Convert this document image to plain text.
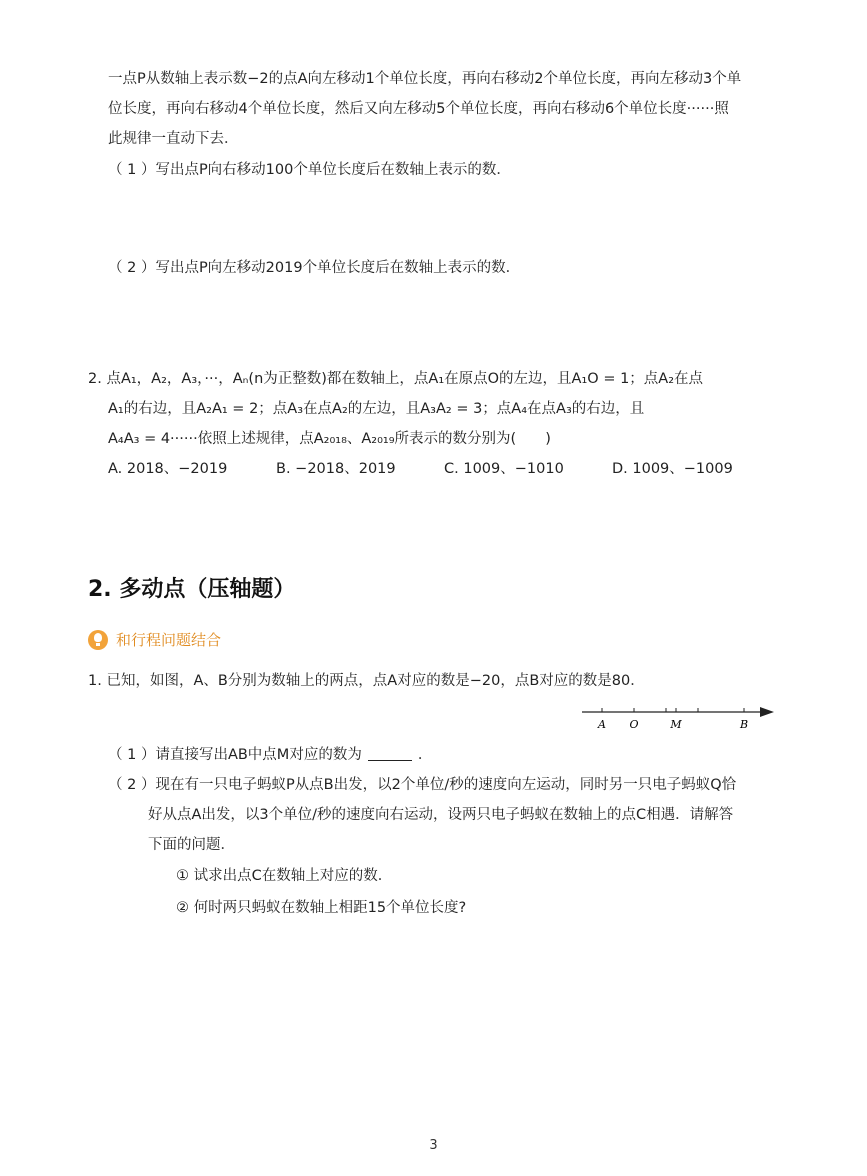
一点P从数轴上表示数−2的点A向左移动1个单位长度，再向右移动2个单位长度，再向左移动3个单
位长度，再向右移动4个单位长度，然后又向左移动5个单位长度，再向右移动6个单位长度······照
此规律一直动下去．
（ 1 ）写出点P向右移动100个单位长度后在数轴上表示的数．
（ 2 ）写出点P向左移动2019个单位长度后在数轴上表示的数．
2. 点A₁，A₂，A₃，···，Aₙ(n为正整数)都在数轴上，点A₁在原点O的左边，且A₁O = 1；点A₂在点
A₁的右边，且A₂A₁ = 2；点A₃在点A₂的左边，且A₃A₂ = 3；点A₄在点A₃的右边，且
A₄A₃ = 4······依照上述规律，点A₂₀₁₈、A₂₀₁₉所表示的数分别为(　　)
A. 2018、−2019	B. −2018、2019	C. 1009、−1010	D. 1009、−1009
2. 多动点（压轴题）
和行程问题结合
1. 已知，如图，A、B分别为数轴上的两点，点A对应的数是−20，点B对应的数是80．
A O	M	B
（ 1 ）请直接写出AB中点M对应的数为	．
（ 2 ）现在有一只电子蚂蚁P从点B出发，以2个单位/秒的速度向左运动，同时另一只电子蚂蚁Q恰
好从点A出发，以3个单位/秒的速度向右运动，设两只电子蚂蚁在数轴上的点C相遇．请解答
下面的问题．
① 试求出点C在数轴上对应的数．
② 何时两只蚂蚁在数轴上相距15个单位长度?
3
